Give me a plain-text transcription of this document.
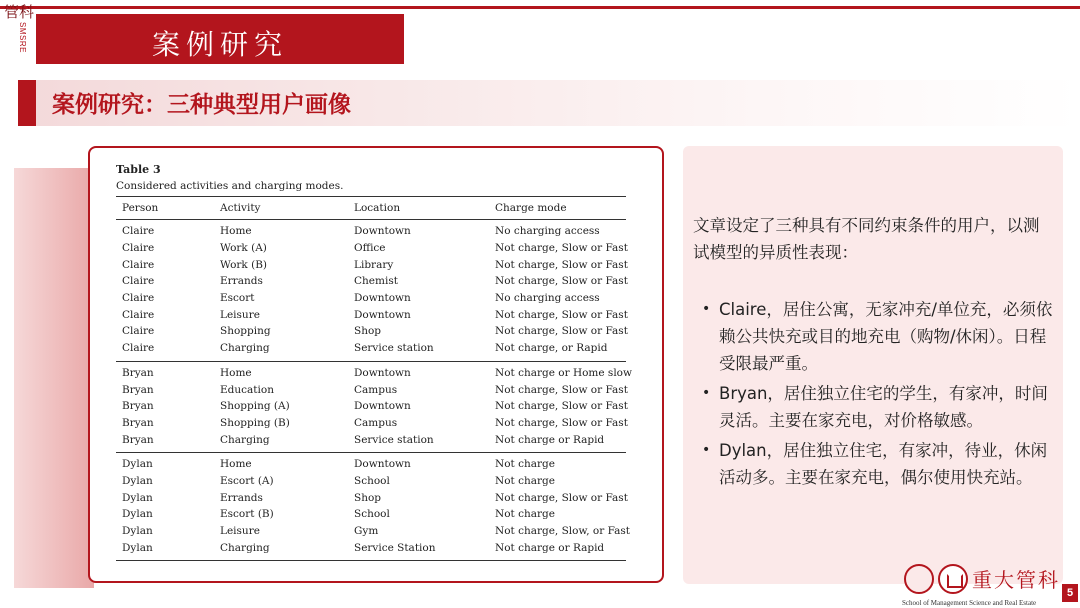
管科
SMSRE	案例研究
案例研究：三种典型用户画像
Table 3
Considered activities and charging modes.
Person	Activity	Location	Charge mode
Claire	Home	Downtown	No charging access
Claire	Work (A)	Office	Not charge, Slow or Fast
Claire	Work (B)	Library	Not charge, Slow or Fast
Claire	Errands	Chemist	Not charge, Slow or Fast
Claire	Escort	Downtown	No charging access
Claire	Leisure	Downtown	Not charge, Slow or Fast
Claire	Shopping	Shop	Not charge, Slow or Fast
Claire	Charging	Service station	Not charge, or Rapid
Bryan	Home	Downtown	Not charge or Home slow
Bryan	Education	Campus	Not charge, Slow or Fast
Bryan	Shopping (A)	Downtown	Not charge, Slow or Fast
Bryan	Shopping (B)	Campus	Not charge, Slow or Fast
Bryan	Charging	Service station	Not charge or Rapid
Dylan	Home	Downtown	Not charge
Dylan	Escort (A)	School	Not charge
Dylan	Errands	Shop	Not charge, Slow or Fast
Dylan	Escort (B)	School	Not charge
Dylan	Leisure	Gym	Not charge, Slow, or Fast
Dylan	Charging	Service Station	Not charge or Rapid
文章设定了三种具有不同约束条件的用户，以测试模型的异质性表现：
• Claire，居住公寓，无家冲充/单位充，必须依赖公共快充或目的地充电（购物/休闲）。日程受限最严重。
• Bryan，居住独立住宅的学生，有家冲，时间灵活。主要在家充电，对价格敏感。
• Dylan，居住独立住宅，有家冲，待业，休闲活动多。主要在家充电，偶尔使用快充站。
重大管科
School of Management Science and Real Estate
5
